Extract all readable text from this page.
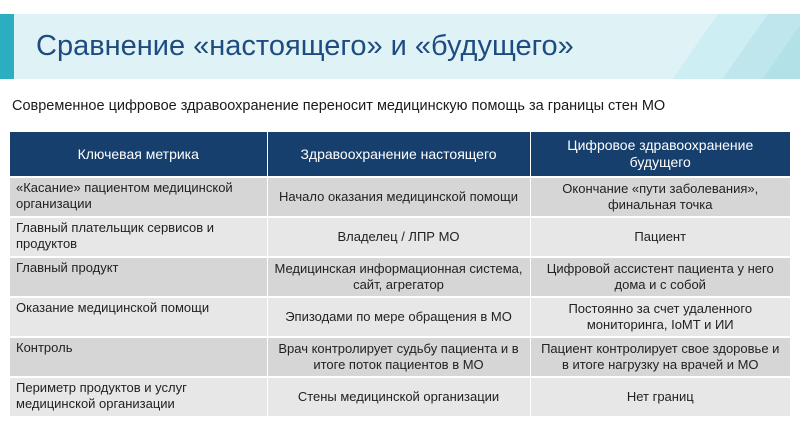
Сравнение «настоящего» и «будущего»
Современное цифровое здравоохранение переносит медицинскую помощь за границы стен МО
Ключевая метрика	Здравоохранение настоящего	Цифровое здравоохранение будущего
«Касание» пациентом медицинской организации	Начало оказания медицинской помощи	Окончание «пути заболевания», финальная точка
Главный плательщик сервисов и продуктов	Владелец / ЛПР МО	Пациент
Главный продукт	Медицинская информационная система, сайт, агрегатор	Цифровой ассистент пациента у него дома и с собой
Оказание медицинской помощи	Эпизодами по мере обращения в МО	Постоянно за счет удаленного мониторинга, IoMT и ИИ
Контроль	Врач контролирует судьбу пациента и в итоге поток пациентов в МО	Пациент контролирует свое здоровье и в итоге нагрузку на врачей и МО
Периметр продуктов и услуг медицинской организации	Стены медицинской организации	Нет границ
